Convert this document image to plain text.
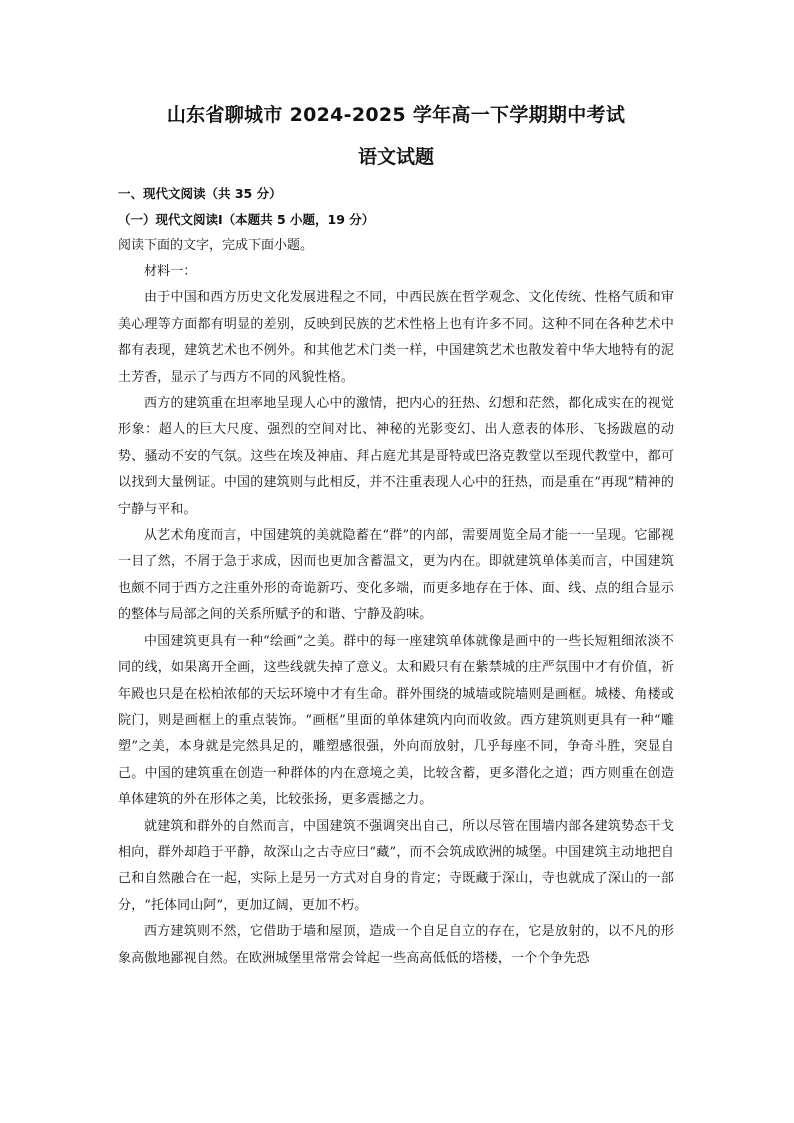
山东省聊城市 2024-2025 学年高一下学期期中考试
语文试题

一、现代文阅读（共 35 分）

（一）现代文阅读Ⅰ（本题共 5 小题，19 分）

阅读下面的文字，完成下面小题。

材料一：

由于中国和西方历史文化发展进程之不同，中西民族在哲学观念、文化传统、性格气质和审美心理等方面都有明显的差别，反映到民族的艺术性格上也有许多不同。这种不同在各种艺术中都有表现，建筑艺术也不例外。和其他艺术门类一样，中国建筑艺术也散发着中华大地特有的泥土芳香，显示了与西方不同的风貌性格。

西方的建筑重在坦率地呈现人心中的激情，把内心的狂热、幻想和茫然，都化成实在的视觉形象：超人的巨大尺度、强烈的空间对比、神秘的光影变幻、出人意表的体形、飞扬跋扈的动势、骚动不安的气氛。这些在埃及神庙、拜占庭尤其是哥特或巴洛克教堂以至现代教堂中，都可以找到大量例证。中国的建筑则与此相反，并不注重表现人心中的狂热，而是重在“再现”精神的宁静与平和。

从艺术角度而言，中国建筑的美就隐蓄在“群”的内部，需要周览全局才能一一呈现。它鄙视一目了然，不屑于急于求成，因而也更加含蓄温文，更为内在。即就建筑单体美而言，中国建筑也颇不同于西方之注重外形的奇诡新巧、变化多端，而更多地存在于体、面、线、点的组合显示的整体与局部之间的关系所赋予的和谐、宁静及韵味。

中国建筑更具有一种“绘画”之美。群中的每一座建筑单体就像是画中的一些长短粗细浓淡不同的线，如果离开全画，这些线就失掉了意义。太和殿只有在紫禁城的庄严氛围中才有价值，祈年殿也只是在松柏浓郁的天坛环境中才有生命。群外围绕的城墙或院墙则是画框。城楼、角楼或院门，则是画框上的重点装饰。“画框”里面的单体建筑内向而收敛。西方建筑则更具有一种“雕塑”之美，本身就是完然具足的，雕塑感很强，外向而放射，几乎每座不同，争奇斗胜，突显自己。中国的建筑重在创造一种群体的内在意境之美，比较含蓄，更多潜化之道；西方则重在创造单体建筑的外在形体之美，比较张扬，更多震撼之力。

就建筑和群外的自然而言，中国建筑不强调突出自己，所以尽管在围墙内部各建筑势态干戈相向，群外却趋于平静，故深山之古寺应曰“藏”，而不会筑成欧洲的城堡。中国建筑主动地把自己和自然融合在一起，实际上是另一方式对自身的肯定；寺既藏于深山，寺也就成了深山的一部分，“托体同山阿”，更加辽阔，更加不朽。

西方建筑则不然，它借助于墙和屋顶，造成一个自足自立的存在，它是放射的，以不凡的形象高傲地鄙视自然。在欧洲城堡里常常会耸起一些高高低低的塔楼，一个个争先恐
